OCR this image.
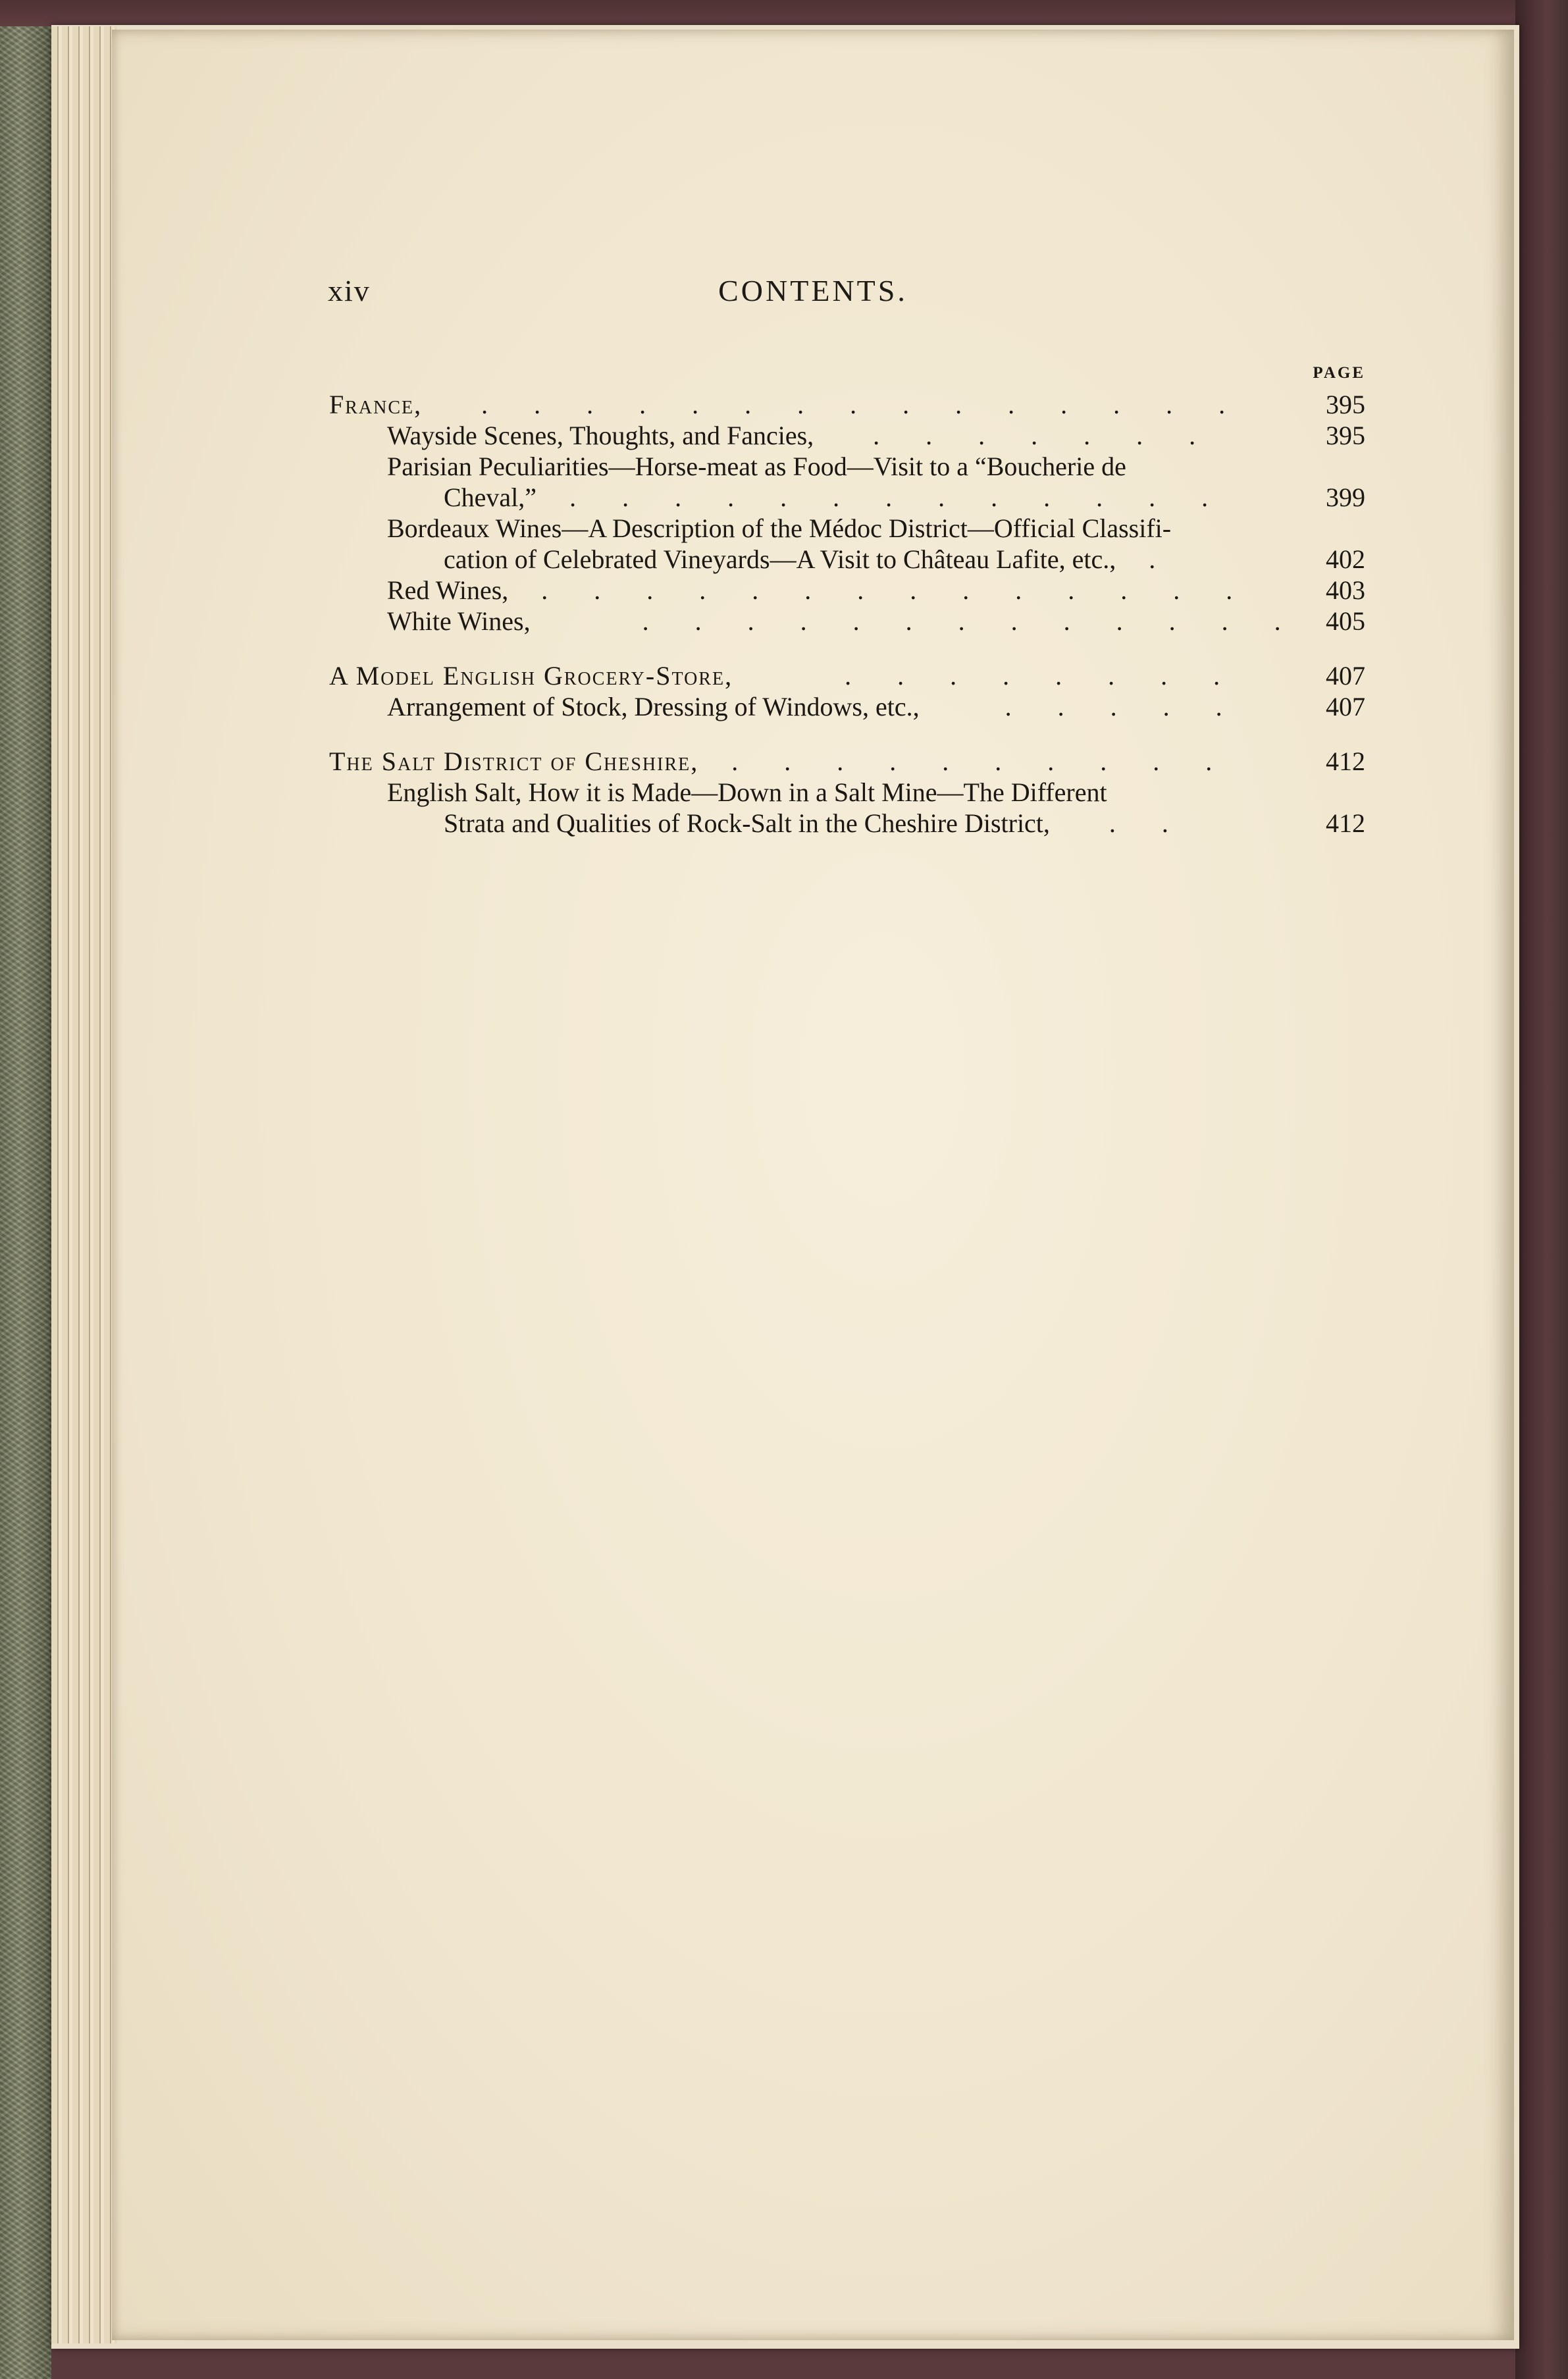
xiv	CONTENTS.
PAGE
France,   . . . . . . . . . . . . . . .	395
Wayside Scenes, Thoughts, and Fancies,   . . . . . . .	395
Parisian Peculiarities—Horse-meat as Food—Visit to a “Boucherie de
Cheval,”  . . . . . . . . . . . . .	399
Bordeaux Wines—A Description of the Médoc District—Official Classifi-
cation of Celebrated Vineyards—A Visit to Château Lafite, etc.,  .	402
Red Wines,  . . . . . . . . . . . . . .	403
White Wines,     . . . . . . . . . . . . . 405
A Model English Grocery-Store,     . . . . . . . .	407
Arrangement of Stock, Dressing of Windows, etc.,    . . . . .	407
The Salt District of Cheshire,  . . . . . . . . . .	412
English Salt, How it is Made—Down in a Salt Mine—The Different
Strata and Qualities of Rock-Salt in the Cheshire District,   . .	412
